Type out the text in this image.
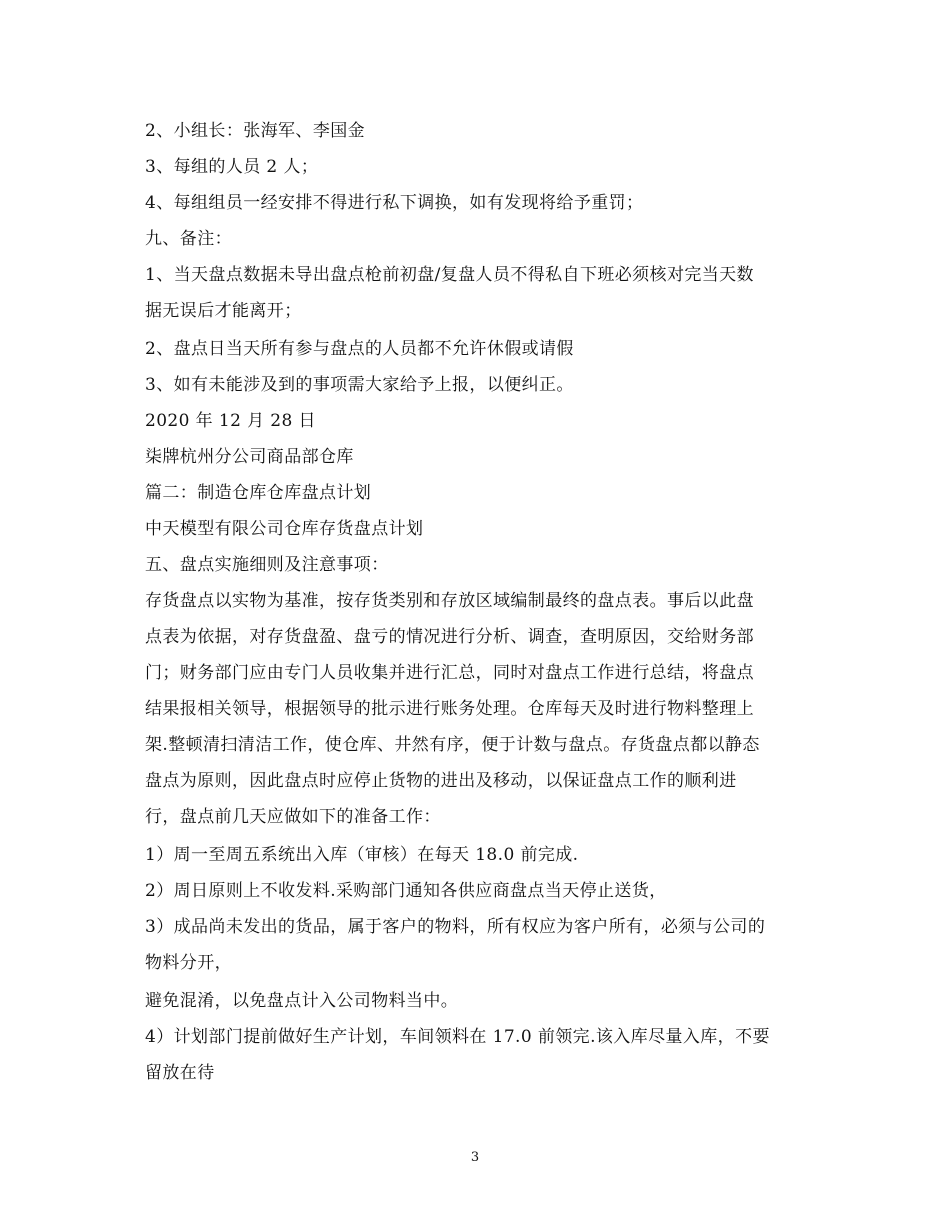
2、小组长：张海军、李国金
3、每组的人员 2 人；
4、每组组员一经安排不得进行私下调换，如有发现将给予重罚；
九、备注：
1、当天盘点数据未导出盘点枪前初盘/复盘人员不得私自下班必须核对完当天数
据无误后才能离开；
2、盘点日当天所有参与盘点的人员都不允许休假或请假
3、如有未能涉及到的事项需大家给予上报，以便纠正。
2020 年 12 月 28 日
柒牌杭州分公司商品部仓库
篇二：制造仓库仓库盘点计划
中天模型有限公司仓库存货盘点计划
五、盘点实施细则及注意事项：
存货盘点以实物为基准，按存货类别和存放区域编制最终的盘点表。事后以此盘
点表为依据，对存货盘盈、盘亏的情况进行分析、调查，查明原因，交给财务部
门；财务部门应由专门人员收集并进行汇总，同时对盘点工作进行总结，将盘点
结果报相关领导，根据领导的批示进行账务处理。仓库每天及时进行物料整理上
架.整顿清扫清洁工作，使仓库、井然有序，便于计数与盘点。存货盘点都以静态
盘点为原则，因此盘点时应停止货物的进出及移动，以保证盘点工作的顺利进
行，盘点前几天应做如下的准备工作：
1）周一至周五系统出入库（审核）在每天 18.0 前完成.
2）周日原则上不收发料.采购部门通知各供应商盘点当天停止送货，
3）成品尚未发出的货品，属于客户的物料，所有权应为客户所有，必须与公司的
物料分开，
避免混淆，以免盘点计入公司物料当中。
4）计划部门提前做好生产计划，车间领料在 17.0 前领完.该入库尽量入库，不要
留放在待
3
